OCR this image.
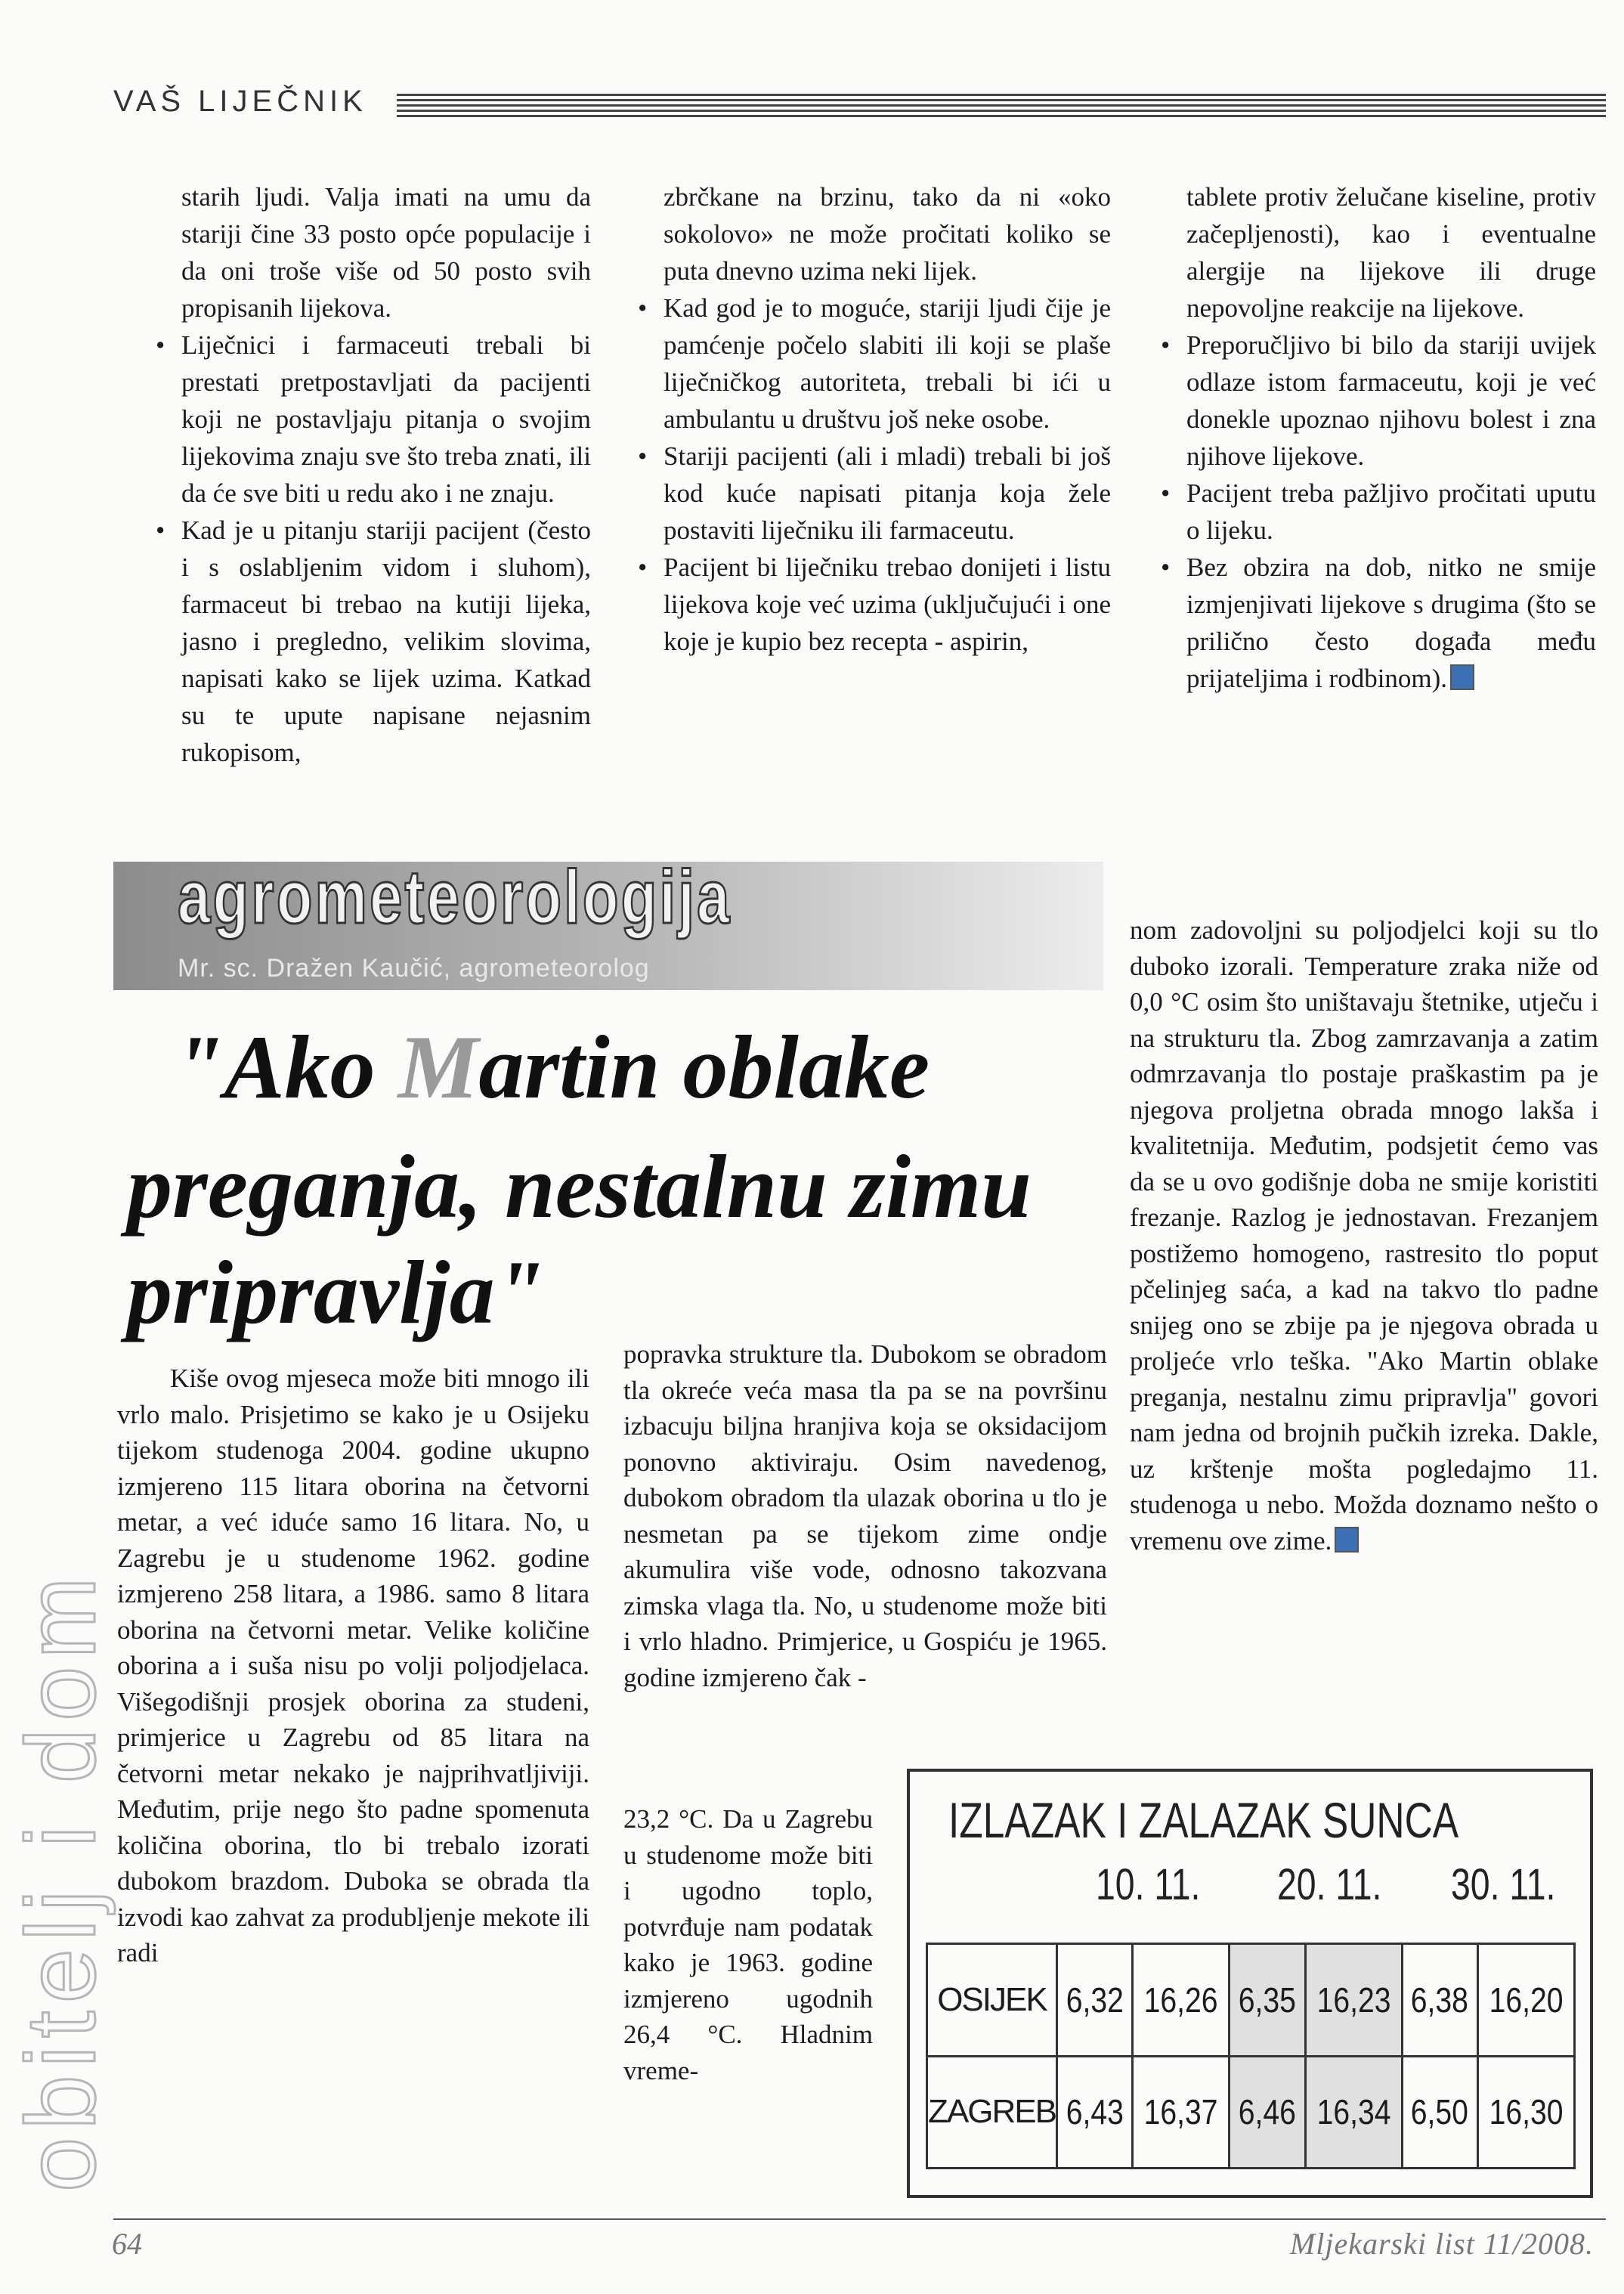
VAŠ LIJEČNIK

starih ljudi. Valja imati na umu da stariji čine 33 posto opće populacije i da oni troše više od 50 posto svih propisanih lijekova.

• Liječnici i farmaceuti trebali bi prestati pretpostavljati da pacijenti koji ne postavljaju pitanja o svojim lijekovima znaju sve što treba znati, ili da će sve biti u redu ako i ne znaju.
• Kad je u pitanju stariji pacijent (često i s oslabljenim vidom i sluhom), farmaceut bi trebao na kutiji lijeka, jasno i pregledno, velikim slovima, napisati kako se lijek uzima. Katkad su te upute napisane nejasnim rukopisom,

zbrčkane na brzinu, tako da ni «oko sokolovo» ne može pročitati koliko se puta dnevno uzima neki lijek.

• Kad god je to moguće, stariji ljudi čije je pamćenje počelo slabiti ili koji se plaše liječničkog autoriteta, trebali bi ići u ambulantu u društvu još neke osobe.
• Stariji pacijenti (ali i mladi) trebali bi još kod kuće napisati pitanja koja žele postaviti liječniku ili farmaceutu.
• Pacijent bi liječniku trebao donijeti i listu lijekova koje već uzima (uključujući i one koje je kupio bez recepta - aspirin,

tablete protiv želučane kiseline, protiv začepljenosti), kao i eventualne alergije na lijekove ili druge nepovoljne reakcije na lijekove.

• Preporučljivo bi bilo da stariji uvijek odlaze istom farmaceutu, koji je već donekle upoznao njihovu bolest i zna njihove lijekove.
• Pacijent treba pažljivo pročitati uputu o lijeku.
• Bez obzira na dob, nitko ne smije izmjenjivati lijekove s drugima (što se prilično često događa među prijateljima i rodbinom).
agrometeorologija
Mr. sc. Dražen Kaučić, agrometeorolog
"Ako Martin oblake
preganja, nestalnu zimu
pripravlja"
obitelj i dom

Kiše ovog mjeseca može biti mnogo ili vrlo malo. Prisjetimo se kako je u Osijeku tijekom studenoga 2004. godine ukupno izmjereno 115 litara oborina na četvorni metar, a već iduće samo 16 litara. No, u Zagrebu je u studenome 1962. godine izmjereno 258 litara, a 1986. samo 8 litara oborina na četvorni metar. Velike količine oborina a i suša nisu po volji poljodjelaca. Višegodišnji prosjek oborina za studeni, primjerice u Zagrebu od 85 litara na četvorni metar nekako je najprihvatljiviji. Međutim, prije nego što padne spomenuta količina oborina, tlo bi trebalo izorati dubokom brazdom. Duboka se obrada tla izvodi kao zahvat za produbljenje mekote ili radi

popravka strukture tla. Dubokom se obradom tla okreće veća masa tla pa se na površinu izbacuju biljna hranjiva koja se oksidacijom ponovno aktiviraju. Osim navedenog, dubokom obradom tla ulazak oborina u tlo je nesmetan pa se tijekom zime ondje akumulira više vode, odnosno takozvana zimska vlaga tla. No, u studenome može biti i vrlo hladno. Primjerice, u Gospiću je 1965. godine izmjereno čak -

23,2 °C. Da u Zagrebu u studenome može biti i ugodno toplo, potvrđuje nam podatak kako je 1963. godine izmjereno ugodnih 26,4 °C. Hladnim vreme-

nom zadovoljni su poljodjelci koji su tlo duboko izorali. Temperature zraka niže od 0,0 °C osim što uništavaju štetnike, utječu i na strukturu tla. Zbog zamrzavanja a zatim odmrzavanja tlo postaje praškastim pa je njegova proljetna obrada mnogo lakša i kvalitetnija. Međutim, podsjetit ćemo vas da se u ovo godišnje doba ne smije koristiti frezanje. Razlog je jednostavan. Frezanjem postižemo homogeno, rastresito tlo poput pčelinjeg saća, a kad na takvo tlo padne snijeg ono se zbije pa je njegova obrada u proljeće vrlo teška. "Ako Martin oblake preganja, nestalnu zimu pripravlja" govori nam jedna od brojnih pučkih izreka. Dakle, uz krštenje mošta pogledajmo 11. studenoga u nebo. Možda doznamo nešto o vremenu ove zime.

IZLAZAK I ZALAZAK SUNCA
10. 11. 20. 11. 30. 11.
OSIJEK	6,32	16,26	6,35	16,23	6,38	16,20
ZAGREB	6,43	16,37	6,46	16,34	6,50	16,30
64	Mljekarski list 11/2008.
